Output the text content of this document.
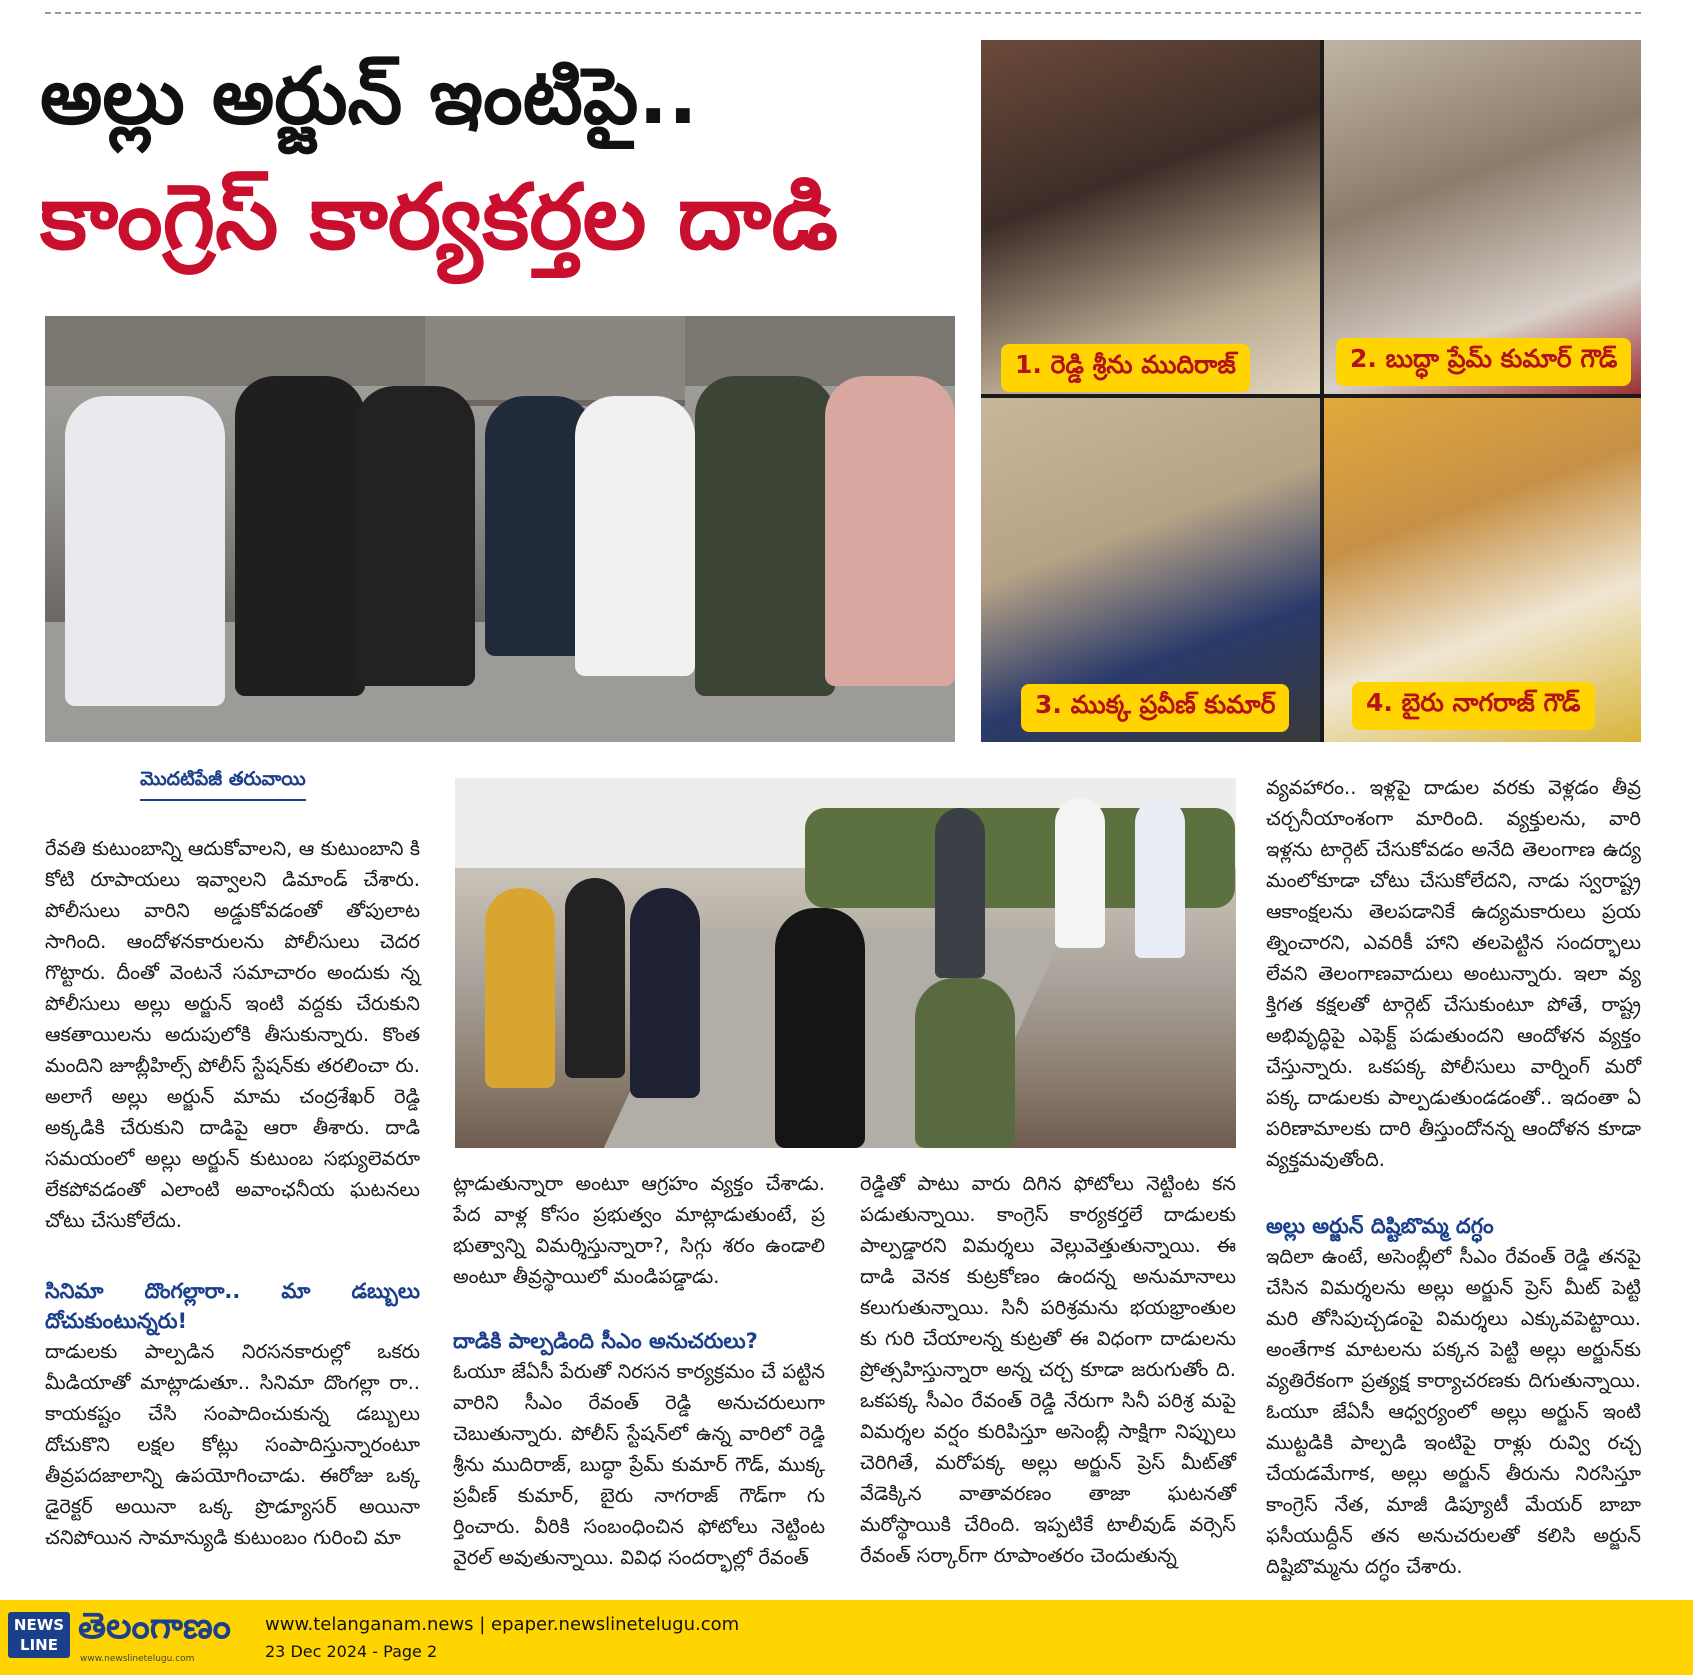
అల్లు అర్జున్ ఇంటిపై..
కాంగ్రెస్ కార్యకర్తల దాడి
1. రెడ్డి శ్రీను ముదిరాజ్	2. బుద్ధా ప్రేమ్ కుమార్ గౌడ్
3. ముక్క ప్రవీణ్ కుమార్	4. బైరు నాగరాజ్ గౌడ్
మొదటిపేజీ తరువాయి

రేవతి కుటుంబాన్ని ఆదుకోవాలని, ఆ కుటుంబాని కి కోటి రూపాయలు ఇవ్వాలని డిమాండ్ చేశారు. పోలీసులు వారిని అడ్డుకోవడంతో తోపులాట సాగింది. ఆందోళనకారులను పోలీసులు చెదర గొట్టారు. దీంతో వెంటనే సమాచారం అందుకు న్న పోలీసులు అల్లు అర్జున్ ఇంటి వద్దకు చేరుకుని ఆకతాయిలను అదుపులోకి తీసుకున్నారు. కొంత మందిని జూబ్లీహిల్స్ పోలీస్ స్టేషన్‌కు తరలించా రు. అలాగే అల్లు అర్జున్ మామ చంద్రశేఖర్ రెడ్డి అక్కడికి చేరుకుని దాడిపై ఆరా తీశారు. దాడి సమయంలో అల్లు అర్జున్ కుటుంబ సభ్యులెవరూ లేకపోవడంతో ఎలాంటి అవాంఛనీయ ఘటనలు చోటు చేసుకోలేదు.

సినిమా దొంగల్లారా.. మా డబ్బులు దోచుకుంటున్నరు!

దాడులకు పాల్పడిన నిరసనకారుల్లో ఒకరు మీడియాతో మాట్లాడుతూ.. సినిమా దొంగల్లా రా.. కాయకష్టం చేసి సంపాదించుకున్న డబ్బులు దోచుకొని లక్షల కోట్లు సంపాదిస్తున్నారంటూ తీవ్రపదజాలాన్ని ఉపయోగించాడు. ఈరోజు ఒక్క డైరెక్టర్ అయినా ఒక్క ప్రొడ్యూసర్ అయినా చనిపోయిన సామాన్యుడి కుటుంబం గురించి మా

ట్లాడుతున్నారా అంటూ ఆగ్రహం వ్యక్తం చేశాడు. పేద వాళ్ల కోసం ప్రభుత్వం మాట్లాడుతుంటే, ప్ర భుత్వాన్ని విమర్శిస్తున్నారా?, సిగ్గు శరం ఉండాలి అంటూ తీవ్రస్థాయిలో మండిపడ్డాడు.

దాడికి పాల్పడింది సీఎం అనుచరులు?

ఓయూ జేఏసీ పేరుతో నిరసన కార్యక్రమం చే పట్టిన వారిని సీఎం రేవంత్ రెడ్డి అనుచరులుగా చెబుతున్నారు. పోలీస్ స్టేషన్‌లో ఉన్న వారిలో రెడ్డి శ్రీను ముదిరాజ్, బుద్ధా ప్రేమ్ కుమార్ గౌడ్, ముక్క ప్రవీణ్ కుమార్, బైరు నాగరాజ్ గౌడ్‌గా గు ర్తించారు. వీరికి సంబంధించిన ఫోటోలు నెట్టింట వైరల్ అవుతున్నాయి. వివిధ సందర్భాల్లో రేవంత్

రెడ్డితో పాటు వారు దిగిన ఫోటోలు నెట్టింట కన పడుతున్నాయి. కాంగ్రెస్ కార్యకర్తలే దాడులకు పాల్పడ్డారని విమర్శలు వెల్లువెత్తుతున్నాయి. ఈ దాడి వెనక కుట్రకోణం ఉందన్న అనుమానాలు కలుగుతున్నాయి. సినీ పరిశ్రమను భయభ్రాంతుల కు గురి చేయాలన్న కుట్రతో ఈ విధంగా దాడులను ప్రోత్సహిస్తున్నారా అన్న చర్చ కూడా జరుగుతోం ది. ఒకపక్క సీఎం రేవంత్ రెడ్డి నేరుగా సినీ పరిశ్ర మపై విమర్శల వర్షం కురిపిస్తూ అసెంబ్లీ సాక్షిగా నిప్పులు చెరిగితే, మరోపక్క అల్లు అర్జున్ ప్రెస్ మీట్‌తో వేడెక్కిన వాతావరణం తాజా ఘటనతో మరోస్థాయికి చేరింది. ఇప్పటికే టాలీవుడ్ వర్సెస్ రేవంత్ సర్కార్‌గా రూపాంతరం చెందుతున్న

వ్యవహారం.. ఇళ్లపై దాడుల వరకు వెళ్లడం తీవ్ర చర్చనీయాంశంగా మారింది. వ్యక్తులను, వారి ఇళ్లను టార్గెట్ చేసుకోవడం అనేది తెలంగాణ ఉద్య మంలోకూడా చోటు చేసుకోలేదని, నాడు స్వరాష్ట్ర ఆకాంక్షలను తెలపడానికే ఉద్యమకారులు ప్రయ త్నించారని, ఎవరికీ హాని తలపెట్టిన సందర్భాలు లేవని తెలంగాణవాదులు అంటున్నారు. ఇలా వ్య క్తిగత కక్షలతో టార్గెట్ చేసుకుంటూ పోతే, రాష్ట్ర అభివృద్ధిపై ఎఫెక్ట్ పడుతుందని ఆందోళన వ్యక్తం చేస్తున్నారు. ఒకపక్క పోలీసులు వార్నింగ్ మరో పక్క దాడులకు పాల్పడుతుండడంతో.. ఇదంతా ఏ పరిణామాలకు దారి తీస్తుందోనన్న ఆందోళన కూడా వ్యక్తమవుతోంది.

అల్లు అర్జున్ దిష్టిబొమ్మ దగ్ధం

ఇదిలా ఉంటే, అసెంబ్లీలో సీఎం రేవంత్ రెడ్డి తనపై చేసిన విమర్శలను అల్లు అర్జున్ ప్రెస్ మీట్ పెట్టి మరి తోసిపుచ్చడంపై విమర్శలు ఎక్కువపెట్టాయి. అంతేగాక మాటలను పక్కన పెట్టి అల్లు అర్జున్‌కు వ్యతిరేకంగా ప్రత్యక్ష కార్యాచరణకు దిగుతున్నాయి. ఓయూ జేఏసీ ఆధ్వర్యంలో అల్లు అర్జున్ ఇంటి ముట్టడికి పాల్పడి ఇంటిపై రాళ్లు రువ్వి రచ్చ చేయడమేగాక, అల్లు అర్జున్ తీరును నిరసిస్తూ కాంగ్రెస్ నేత, మాజీ డిప్యూటీ మేయర్ బాబా ఫసీయుద్దీన్ తన అనుచరులతో కలిసి అర్జున్ దిష్టిబొమ్మను దగ్ధం చేశారు.

NEWS LINE తెలంగాణం
www.newslinetelugu.com
www.telanganam.news | epaper.newslinetelugu.com
23 Dec 2024 - Page 2
